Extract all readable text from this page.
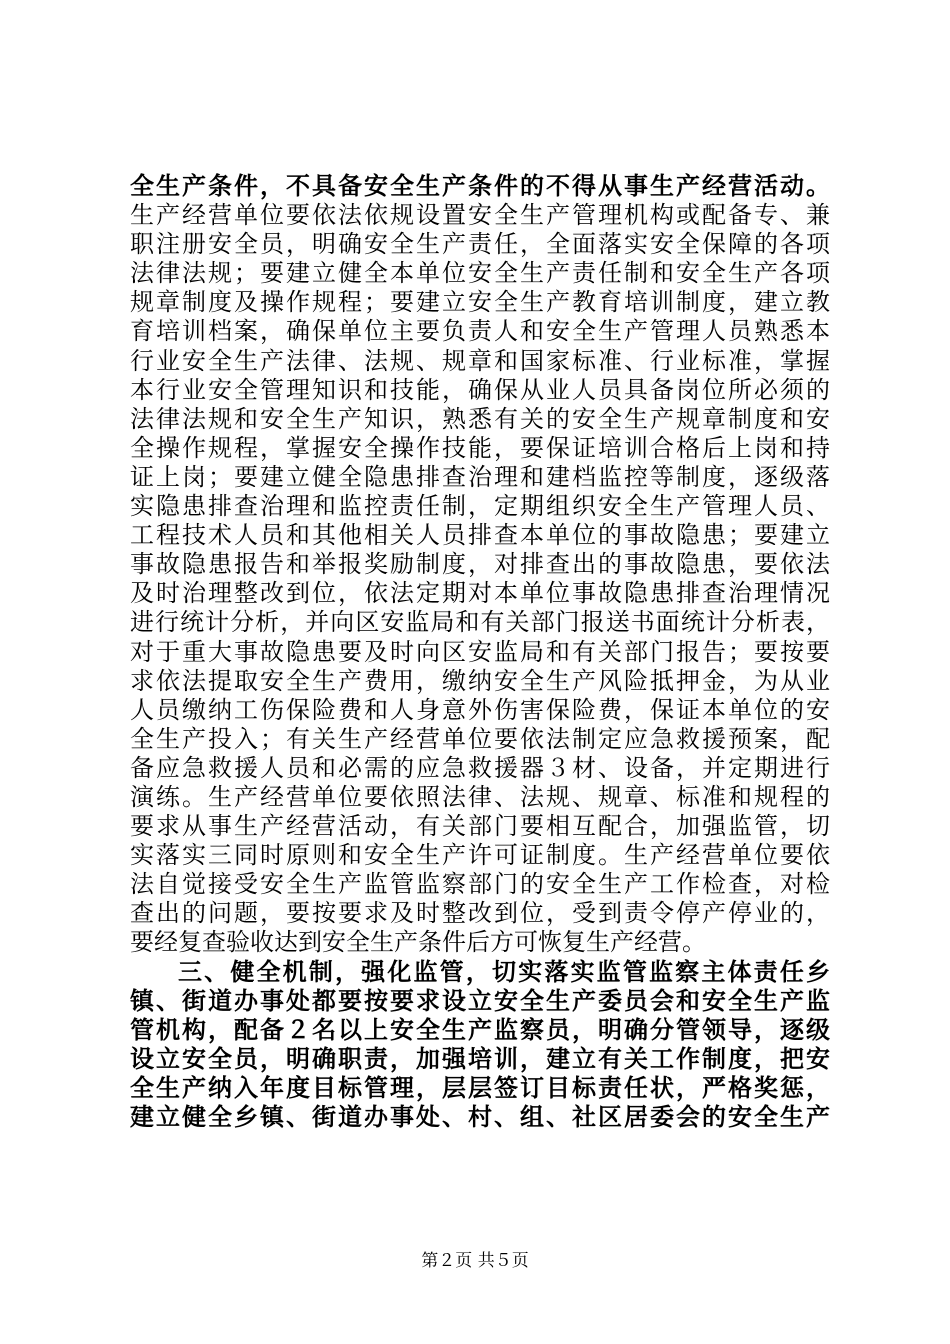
全生产条件，不具备安全生产条件的不得从事生产经营活动。
生产经营单位要依法依规设置安全生产管理机构或配备专、兼
职注册安全员，明确安全生产责任，全面落实安全保障的各项
法律法规；要建立健全本单位安全生产责任制和安全生产各项
规章制度及操作规程；要建立安全生产教育培训制度，建立教
育培训档案，确保单位主要负责人和安全生产管理人员熟悉本
行业安全生产法律、法规、规章和国家标准、行业标准，掌握
本行业安全管理知识和技能，确保从业人员具备岗位所必须的
法律法规和安全生产知识，熟悉有关的安全生产规章制度和安
全操作规程，掌握安全操作技能，要保证培训合格后上岗和持
证上岗；要建立健全隐患排查治理和建档监控等制度，逐级落
实隐患排查治理和监控责任制，定期组织安全生产管理人员、
工程技术人员和其他相关人员排查本单位的事故隐患；要建立
事故隐患报告和举报奖励制度，对排查出的事故隐患，要依法
及时治理整改到位，依法定期对本单位事故隐患排查治理情况
进行统计分析，并向区安监局和有关部门报送书面统计分析表，
对于重大事故隐患要及时向区安监局和有关部门报告；要按要
求依法提取安全生产费用，缴纳安全生产风险抵押金，为从业
人员缴纳工伤保险费和人身意外伤害保险费，保证本单位的安
全生产投入；有关生产经营单位要依法制定应急救援预案，配
备应急救援人员和必需的应急救援器３材、设备，并定期进行
演练。生产经营单位要依照法律、法规、规章、标准和规程的
要求从事生产经营活动，有关部门要相互配合，加强监管，切
实落实三同时原则和安全生产许可证制度。生产经营单位要依
法自觉接受安全生产监管监察部门的安全生产工作检查，对检
查出的问题，要按要求及时整改到位，受到责令停产停业的，
要经复查验收达到安全生产条件后方可恢复生产经营。
三、健全机制，强化监管，切实落实监管监察主体责任乡
镇、街道办事处都要按要求设立安全生产委员会和安全生产监
管机构，配备２名以上安全生产监察员，明确分管领导，逐级
设立安全员，明确职责，加强培训，建立有关工作制度，把安
全生产纳入年度目标管理，层层签订目标责任状，严格奖惩，
建立健全乡镇、街道办事处、村、组、社区居委会的安全生产
第２页 共５页
